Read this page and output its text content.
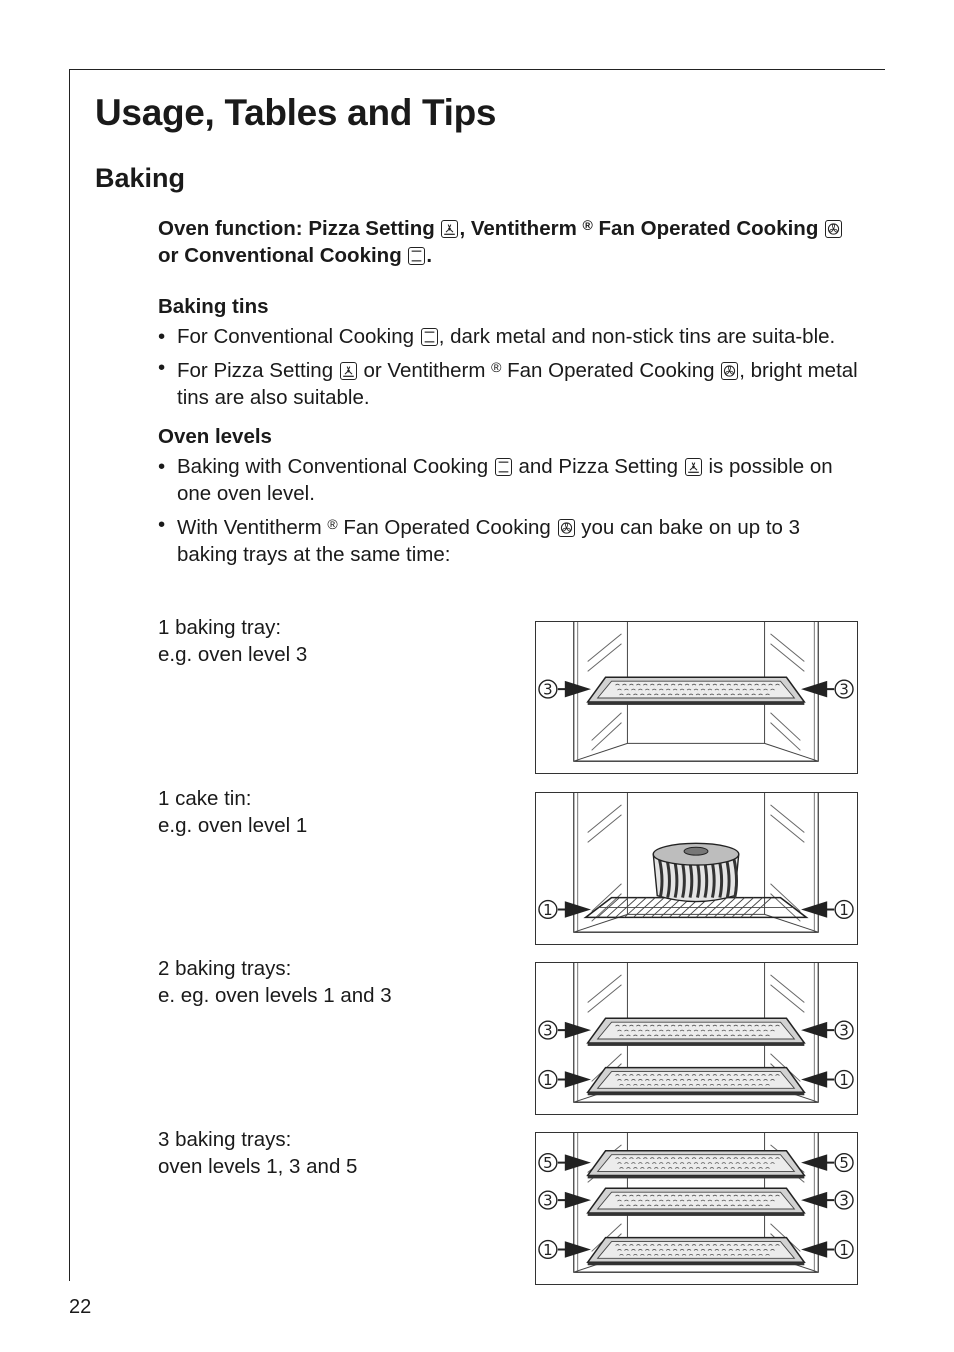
Usage, Tables and Tips
Baking

Oven function: Pizza Setting
, Ventitherm ® Fan Operated Cooking
or Conventional Cooking
.

Baking tins

• For Conventional Cooking
, dark metal and non-stick tins are suita-ble.

• For Pizza Setting
or Ventitherm ® Fan Operated Cooking
, bright metal tins are also suitable.

Oven levels

• Baking with Conventional Cooking
and Pizza Setting
is possible on one oven level.

• With Ventitherm ® Fan Operated Cooking
you can bake on up to 3 baking trays at the same time:

1 baking tray:
e.g. oven level 3
3	3
1 cake tin:
e.g. oven level 1
1	1
2 baking trays:
e. eg. oven levels 1 and 3
3	3
1	1
3 baking trays:
oven levels 1, 3 and 5	5	5
3	3
1	1
22
